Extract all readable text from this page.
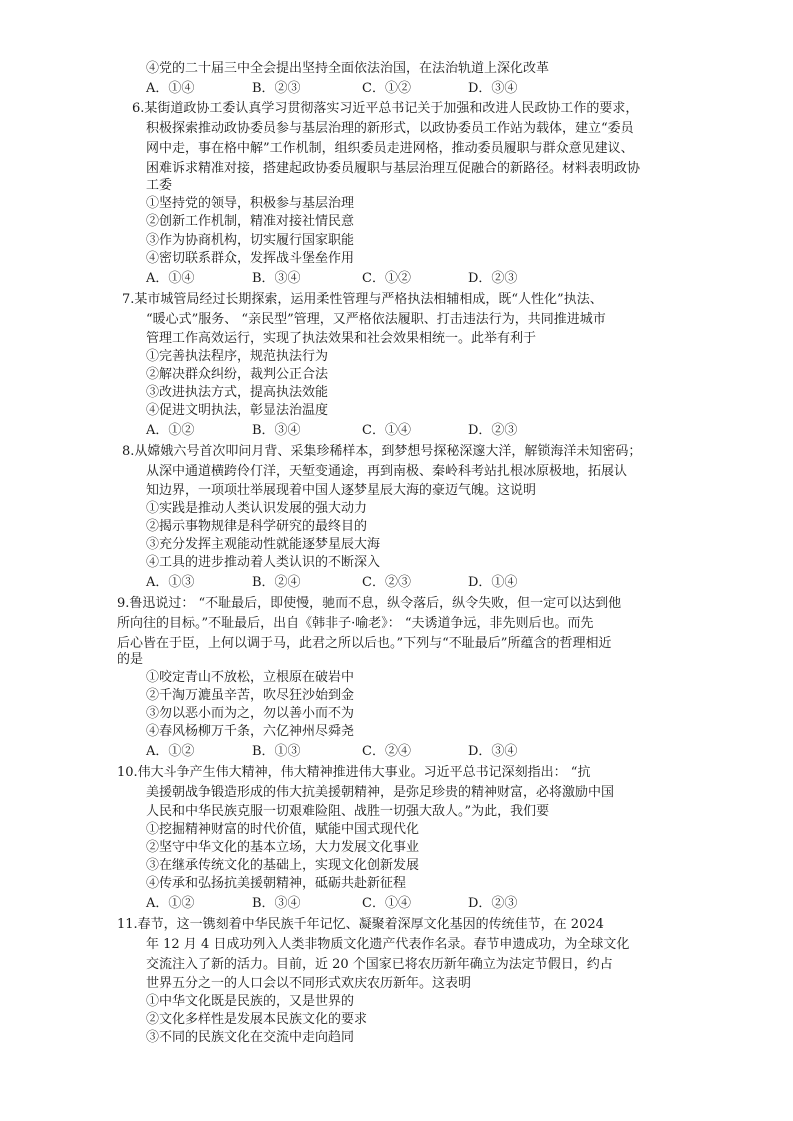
④党的二十届三中全会提出坚持全面依法治国，在法治轨道上深化改革
A．①④	B．②③	C．①②	D．③④
6.某街道政协工委认真学习贯彻落实习近平总书记关于加强和改进人民政协工作的要求，
积极探索推动政协委员参与基层治理的新形式，以政协委员工作站为载体，建立“委员
网中走，事在格中解”工作机制，组织委员走进网格，推动委员履职与群众意见建议、
困难诉求精准对接，搭建起政协委员履职与基层治理互促融合的新路径。材料表明政协
工委
①坚持党的领导，积极参与基层治理
②创新工作机制，精准对接社情民意
③作为协商机构，切实履行国家职能
④密切联系群众，发挥战斗堡垒作用
A．①④	B．③④	C．①②	D．②③
7.某市城管局经过长期探索，运用柔性管理与严格执法相辅相成，既“人性化”执法、
“暖心式”服务、 “亲民型”管理，又严格依法履职、打击违法行为，共同推进城市
管理工作高效运行，实现了执法效果和社会效果相统一。此举有利于
①完善执法程序，规范执法行为
②解决群众纠纷，裁判公正合法
③改进执法方式，提高执法效能
④促进文明执法，彰显法治温度
A．①②	B．③④	C．①④	D．②③
8.从嫦娥六号首次叩问月背、采集珍稀样本，到梦想号探秘深邃大洋，解锁海洋未知密码；
从深中通道横跨伶仃洋，天堑变通途，再到南极、秦岭科考站扎根冰原极地，拓展认
知边界，一项项壮举展现着中国人逐梦星辰大海的豪迈气魄。这说明
①实践是推动人类认识发展的强大动力
②揭示事物规律是科学研究的最终目的
③充分发挥主观能动性就能逐梦星辰大海
④工具的进步推动着人类认识的不断深入
A．①③	B．②④	C．②③	D．①④
9.鲁迅说过： “不耻最后，即使慢，驰而不息，纵令落后，纵令失败，但一定可以达到他
所向往的目标。”不耻最后，出自《韩非子·喻老》： “夫诱道争远，非先则后也。而先
后心皆在于臣，上何以调于马，此君之所以后也。”下列与“不耻最后”所蕴含的哲理相近
的是
①咬定青山不放松，立根原在破岩中
②千淘万漉虽辛苦，吹尽狂沙始到金
③勿以恶小而为之，勿以善小而不为
④春风杨柳万千条，六亿神州尽舜尧
A．①②	B．①③	C．②④	D．③④
10.伟大斗争产生伟大精神，伟大精神推进伟大事业。习近平总书记深刻指出： “抗
美援朝战争锻造形成的伟大抗美援朝精神，是弥足珍贵的精神财富，必将激励中国
人民和中华民族克服一切艰难险阻、战胜一切强大敌人。”为此，我们要
①挖掘精神财富的时代价值，赋能中国式现代化
②坚守中华文化的基本立场，大力发展文化事业
③在继承传统文化的基础上，实现文化创新发展
④传承和弘扬抗美援朝精神，砥砺共赴新征程
A．①②	B．③④	C．①④	D．②③
11.春节，这一镌刻着中华民族千年记忆、凝聚着深厚文化基因的传统佳节，在 2024
年 12 月 4 日成功列入人类非物质文化遗产代表作名录。春节申遗成功，为全球文化
交流注入了新的活力。目前，近 20 个国家已将农历新年确立为法定节假日，约占
世界五分之一的人口会以不同形式欢庆农历新年。这表明
①中华文化既是民族的，又是世界的
②文化多样性是发展本民族文化的要求
③不同的民族文化在交流中走向趋同
